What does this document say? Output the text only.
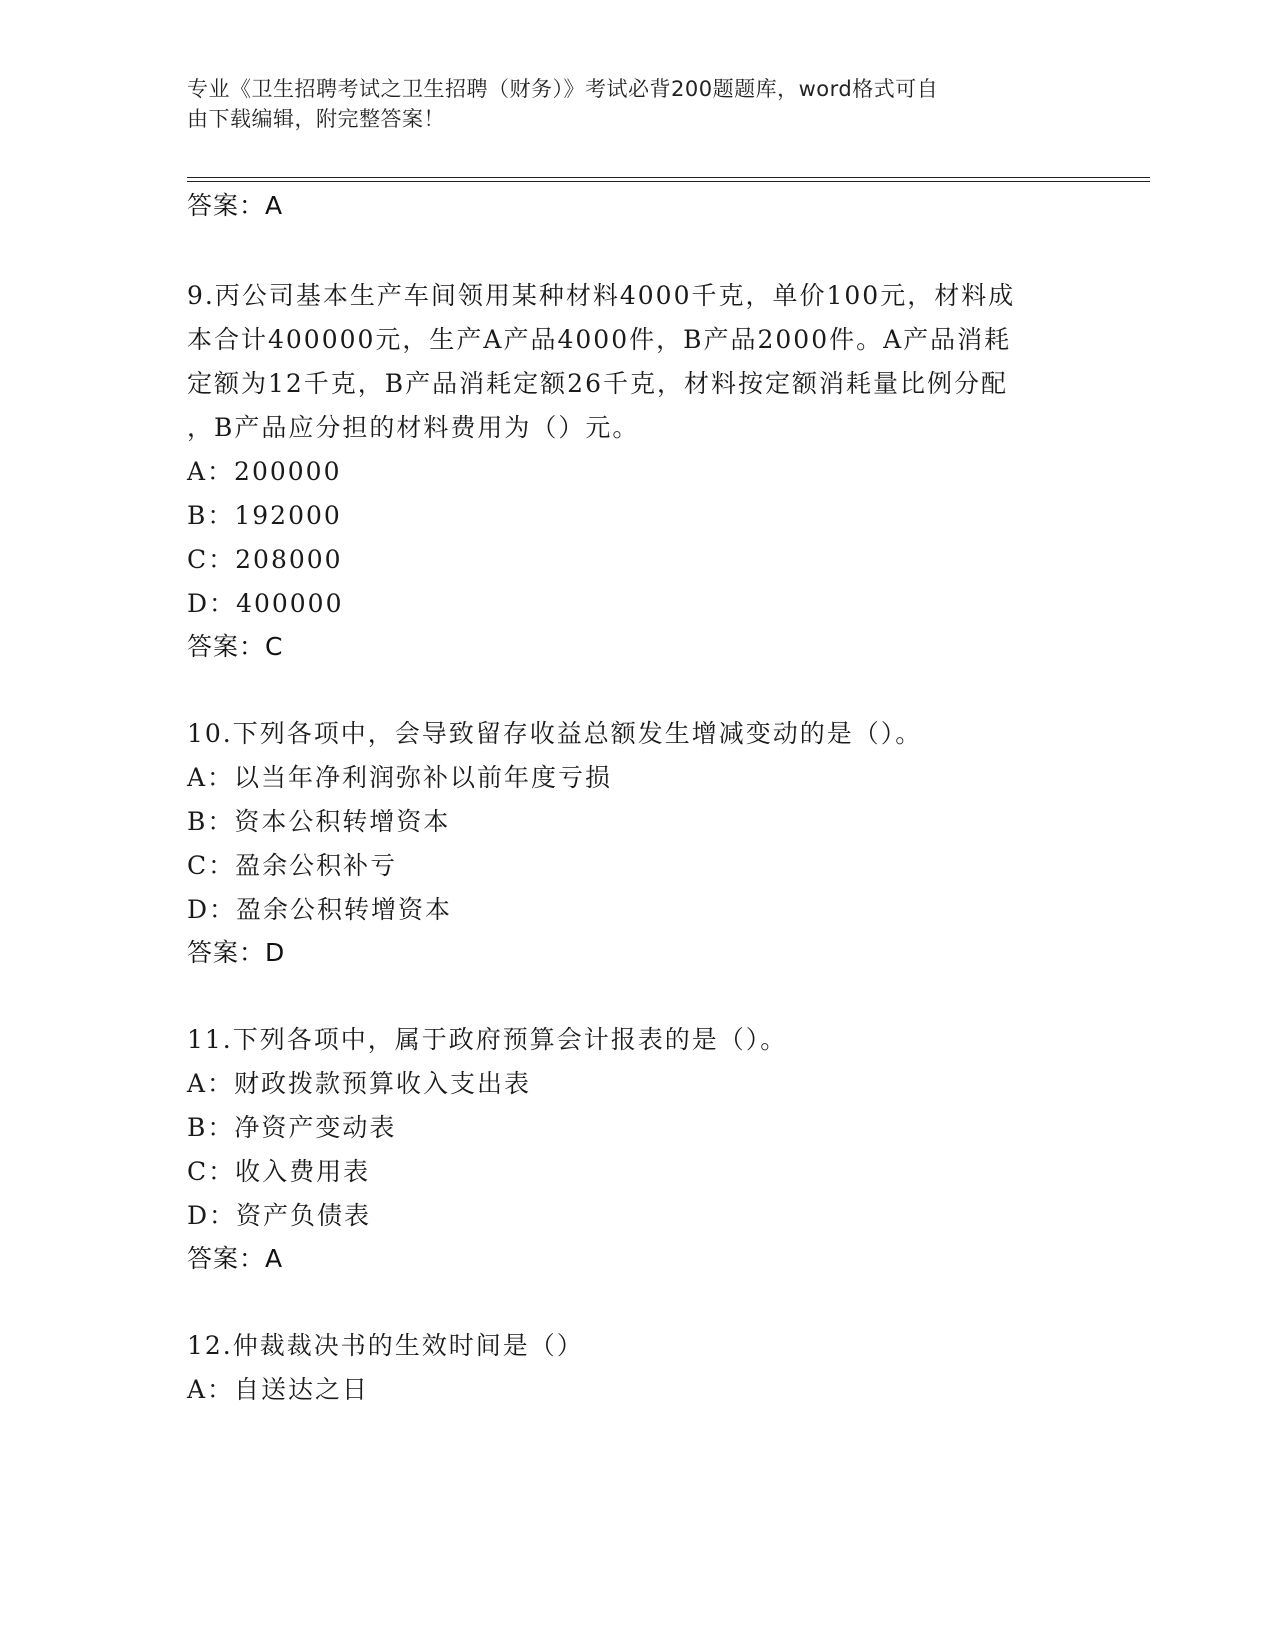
专业《卫生招聘考试之卫生招聘（财务）》考试必背200题题库，word格式可自
由下载编辑，附完整答案！
答案：A
9.丙公司基本生产车间领用某种材料4000千克，单价100元，材料成
本合计400000元，生产A产品4000件，B产品2000件。A产品消耗
定额为12千克，B产品消耗定额26千克，材料按定额消耗量比例分配
，B产品应分担的材料费用为（）元。
A：200000
B：192000
C：208000
D：400000
答案：C
10.下列各项中，会导致留存收益总额发生增减变动的是（）。
A：以当年净利润弥补以前年度亏损
B：资本公积转增资本
C：盈余公积补亏
D：盈余公积转增资本
答案：D
11.下列各项中，属于政府预算会计报表的是（）。
A：财政拨款预算收入支出表
B：净资产变动表
C：收入费用表
D：资产负债表
答案：A
12.仲裁裁决书的生效时间是（）
A：自送达之日
